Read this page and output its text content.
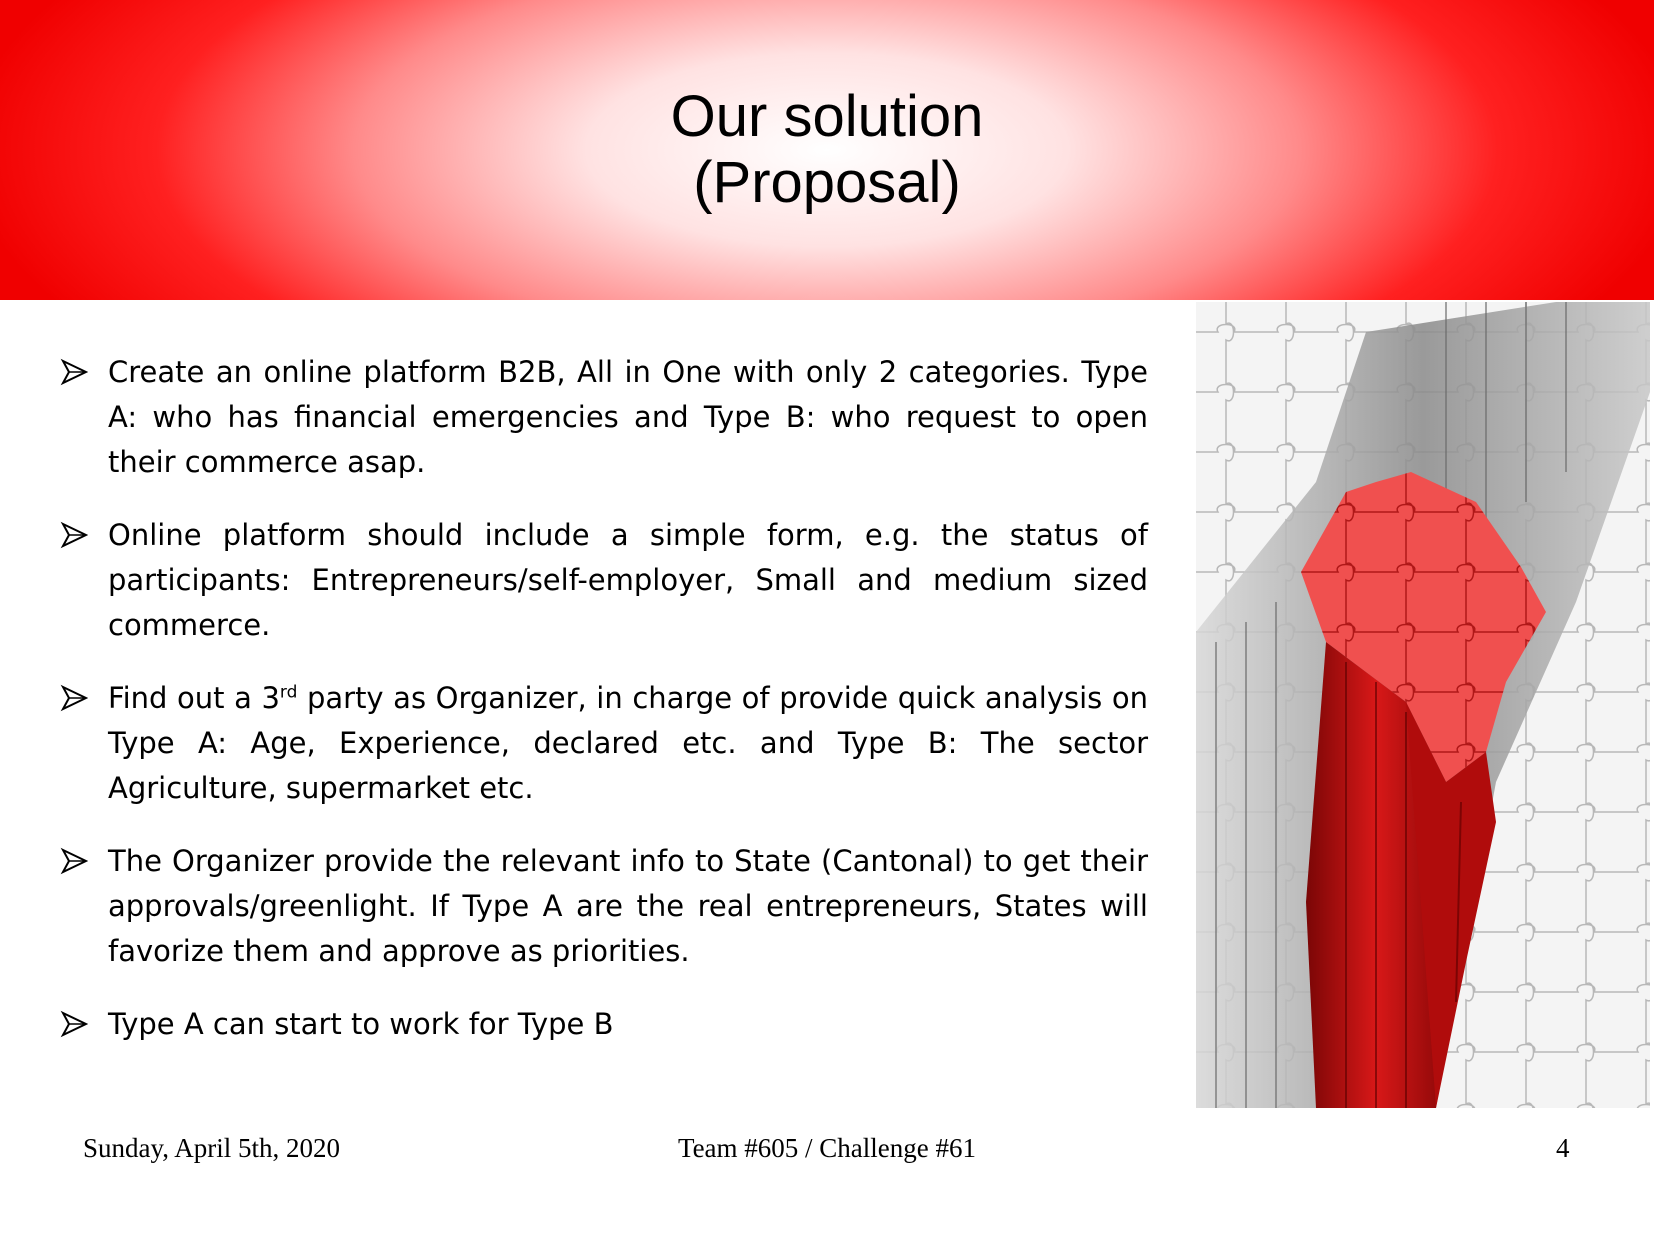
Our solution
(Proposal)
Create an online platform B2B, All in One with only 2 categories. Type A: who has financial emergencies and Type B: who request to open their commerce asap.
Online platform should include a simple form, e.g. the status of participants: Entrepreneurs/self-employer, Small and medium sized commerce.
Find out a 3rd party as Organizer, in charge of provide quick analysis on Type A: Age, Experience, declared etc. and Type B: The sector Agriculture, supermarket etc.
The Organizer provide the relevant info to State (Cantonal) to get their approvals/greenlight. If Type A are the real entrepreneurs, States will favorize them and approve as priorities.
Type A can start to work for Type B
Sunday, April 5th, 2020	Team #605 / Challenge #61	4
